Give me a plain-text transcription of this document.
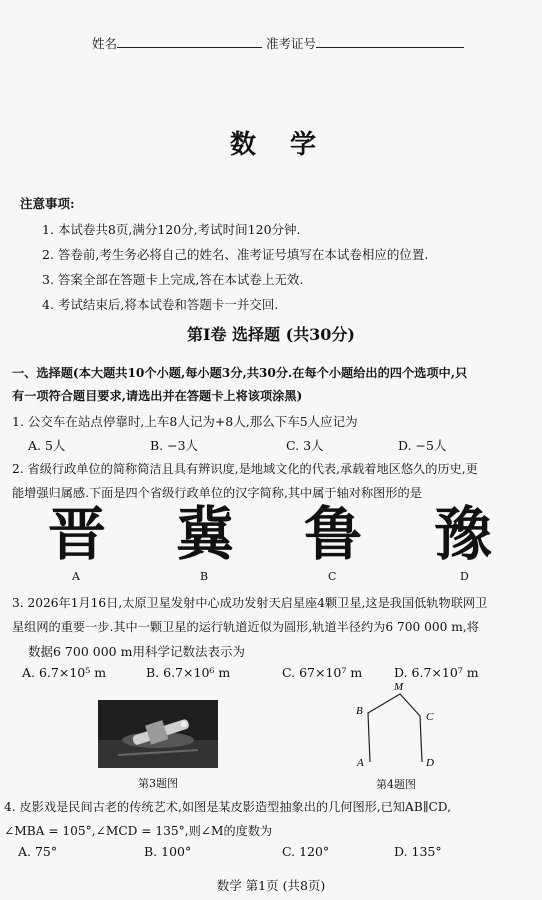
姓名	准考证号
数学
注意事项:
1. 本试卷共8页,满分120分,考试时间120分钟.
2. 答卷前,考生务必将自己的姓名、准考证号填写在本试卷相应的位置.
3. 答案全部在答题卡上完成,答在本试卷上无效.
4. 考试结束后,将本试卷和答题卡一并交回.
第Ⅰ卷 选择题 (共30分)
一、选择题(本大题共10个小题,每小题3分,共30分.在每个小题给出的四个选项中,只
有一项符合题目要求,请选出并在答题卡上将该项涂黑)
1. 公交车在站点停靠时,上车8人记为+8人,那么下车5人应记为
A. 5人	B. −3人	C. 3人	D. −5人
2. 省级行政单位的简称简洁且具有辨识度,是地域文化的代表,承载着地区悠久的历史,更
能增强归属感.下面是四个省级行政单位的汉字简称,其中属于轴对称图形的是
晋 冀 鲁 豫
A	B	C	D
3. 2026年1月16日,太原卫星发射中心成功发射天启星座4颗卫星,这是我国低轨物联网卫
星组网的重要一步.其中一颗卫星的运行轨道近似为圆形,轨道半径约为6 700 000 m,将
数据6 700 000 m用科学记数法表示为
A. 6.7×10⁵ m	B. 6.7×10⁶ m	C. 67×10⁷ m	D. 6.7×10⁷ m
第3题图
B
M
C
A	D
第4题图
4. 皮影戏是民间古老的传统艺术,如图是某皮影造型抽象出的几何图形,已知AB∥CD,
∠MBA = 105°,∠MCD = 135°,则∠M的度数为
A. 75°	B. 100°	C. 120°	D. 135°
数学 第1页 (共8页)
